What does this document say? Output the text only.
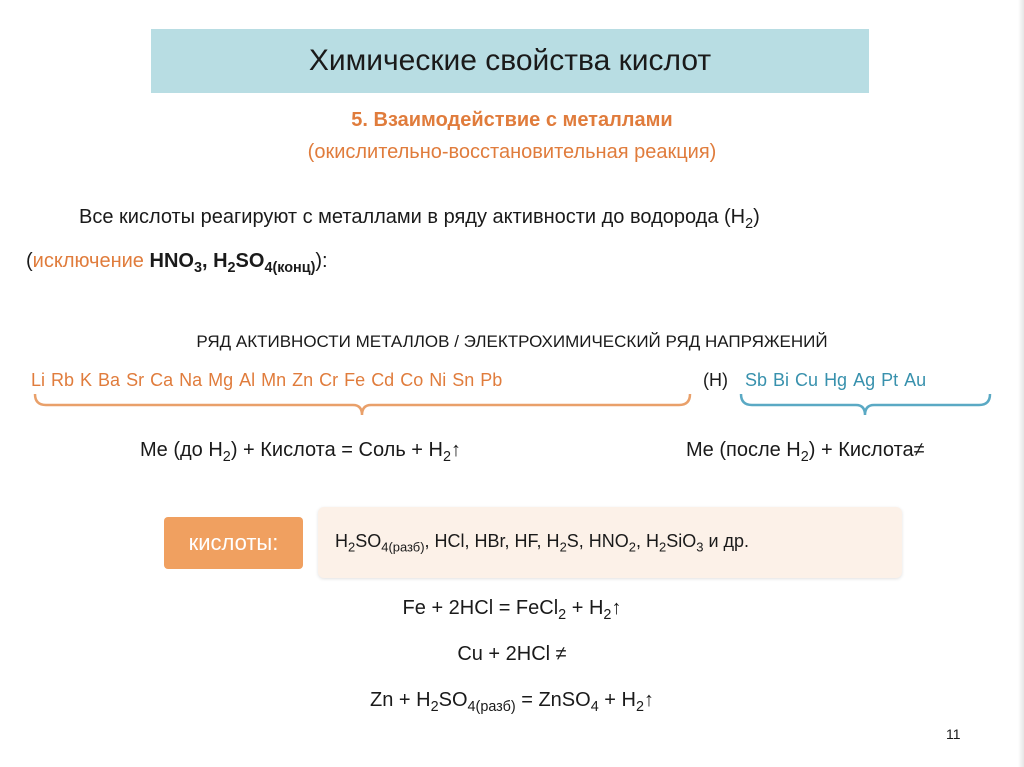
Химические свойства кислот
5. Взаимодействие с металлами
(окислительно-восстановительная реакция)
Все кислоты реагируют с металлами в ряду активности до водорода $(H_2)$
(исключение $HNO_3$, $H_2SO_{4(конц)}$):
РЯД АКТИВНОСТИ МЕТАЛЛОВ / ЭЛЕКТРОХИМИЧЕСКИЙ РЯД НАПРЯЖЕНИЙ
Li Rb K Ba Sr Ca Na Mg Al Mn Zn Cr Fe Cd Co Ni Sn Pb	(H) Sb Bi Cu Hg Ag Pt Au
Me (до $H_2$) + Кислота = Соль + $H_2↑$	Me (после $H_2$) + Кислота≠
кислоты:	$H_2SO_{4(разб)}$, HCl, HBr, HF, $H_2S$, $HNO_2$, $H_2SiO_3$ и др.
Fe + 2HCl = FeCl$_2$ + $H_2↑$
Cu + 2HCl ≠
$Zn + H_2SO_{4(разб)}$ = ZnSO$_4$ + $H_2↑$
11
